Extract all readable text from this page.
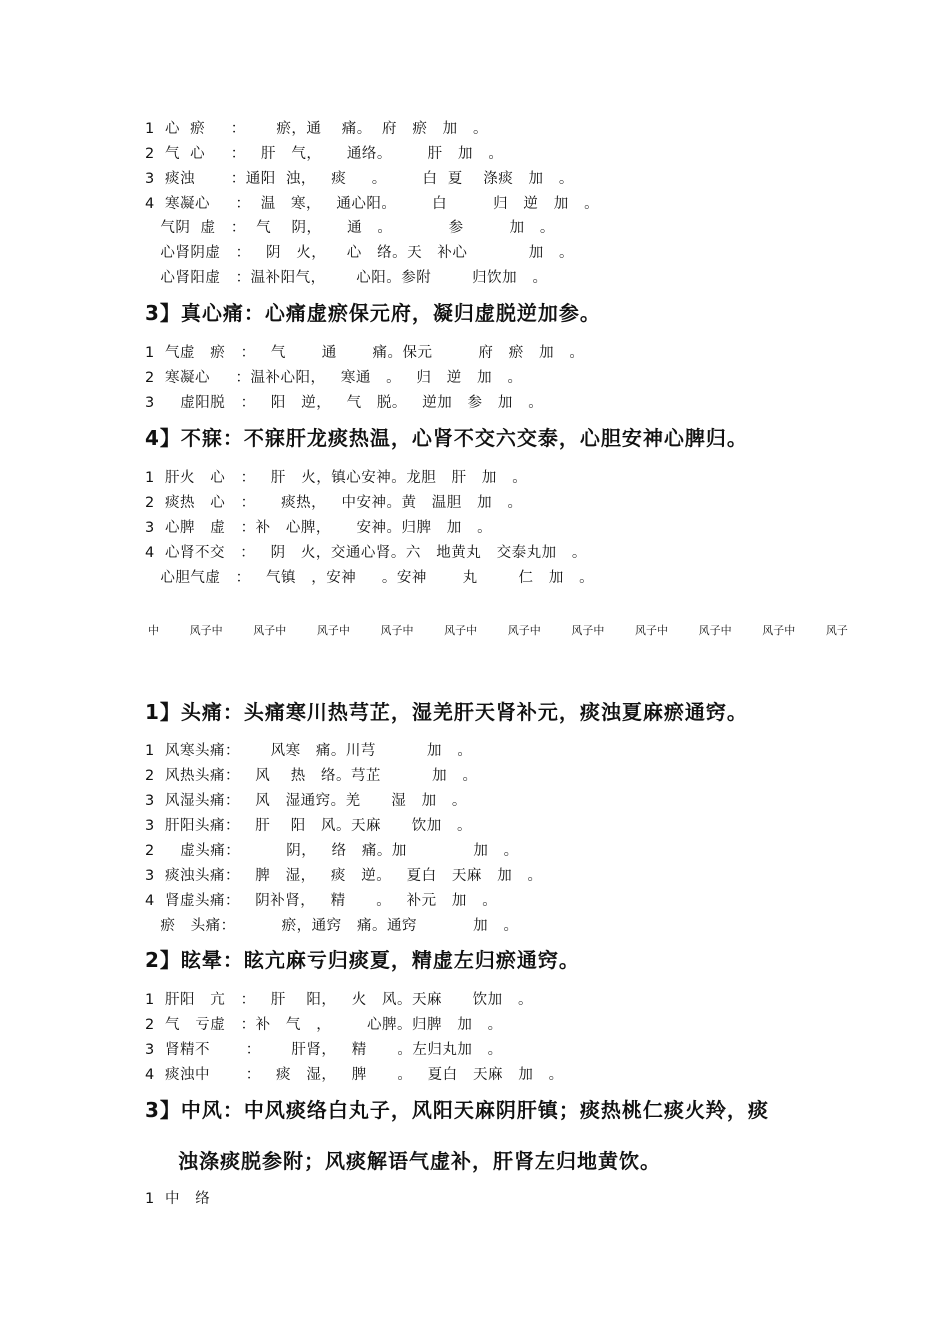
1  心  瘀     ：      瘀，通    痛。  府   瘀   加   。
2  气  心     ：   肝   气，     通络。       肝   加   。
3  痰浊       ：通阳  浊，   痰     。       白  夏    涤痰   加   。
4  寒凝心     ：  温   寒，   通心阳。       白         归   逆   加   。
气阴  虚   ：  气    阴，     通   。           参         加   。
心肾阴虚   ：   阴   火，    心   络。天   补心            加   。
心肾阳虚   ：温补阳气，      心阳。参附        归饮加   。
3】真心痛：心痛虚瘀保元府，凝归虚脱逆加参。
1  气虚   瘀   ：   气       通       痛。保元         府   瘀   加   。
2  寒凝心     ：温补心阳，   寒通   。   归   逆   加   。
3     虚阳脱   ：   阳   逆，   气   脱。   逆加   参   加   。
4】不寐：不寐肝龙痰热温，心肾不交六交泰，心胆安神心脾归。
1  肝火   心   ：   肝   火，镇心安神。龙胆   肝   加   。
2  痰热   心   ：     痰热，   中安神。黄   温胆   加   。
3  心脾   虚   ：补   心脾，     安神。归脾   加   。
4  心肾不交   ：   阴   火，交通心肾。六   地黄丸   交泰丸加   。
心胆气虚   ：   气镇   ，安神     。安神       丸        仁   加   。
中	风子中	风子中	风子中	风子中	风子中	风子中	风子中	风子中	风子中	风子中	风子
1】头痛：头痛寒川热芎芷，湿羌肝天肾补元，痰浊夏麻瘀通窍。
1  风寒头痛：      风寒   痛。川芎          加   。
2  风热头痛：   风    热   络。芎芷          加   。
3  风湿头痛：   风   湿通窍。羌      湿   加   。
3  肝阳头痛：   肝    阳   风。天麻      饮加   。
2     虚头痛：         阴，   络   痛。加             加   。
3  痰浊头痛：   脾   湿，   痰   逆。   夏白   天麻   加   。
4  肾虚头痛：   阴补肾，   精      。   补元   加   。
瘀   头痛：         瘀，通窍   痛。通窍           加   。
2】眩晕：眩亢麻亏归痰夏，精虚左归瘀通窍。
1  肝阳   亢   ：   肝    阳，   火   风。天麻      饮加   。
2  气   亏虚   ：补   气   ，       心脾。归脾   加   。
3  肾精不       ：      肝肾，   精      。左归丸加   。
4  痰浊中       ：   痰   湿，   脾      。   夏白   天麻   加   。
3】中风：中风痰络白丸子，风阳天麻阴肝镇；痰热桃仁痰火羚，痰
浊涤痰脱参附；风痰解语气虚补，肝肾左归地黄饮。
1  中   络
